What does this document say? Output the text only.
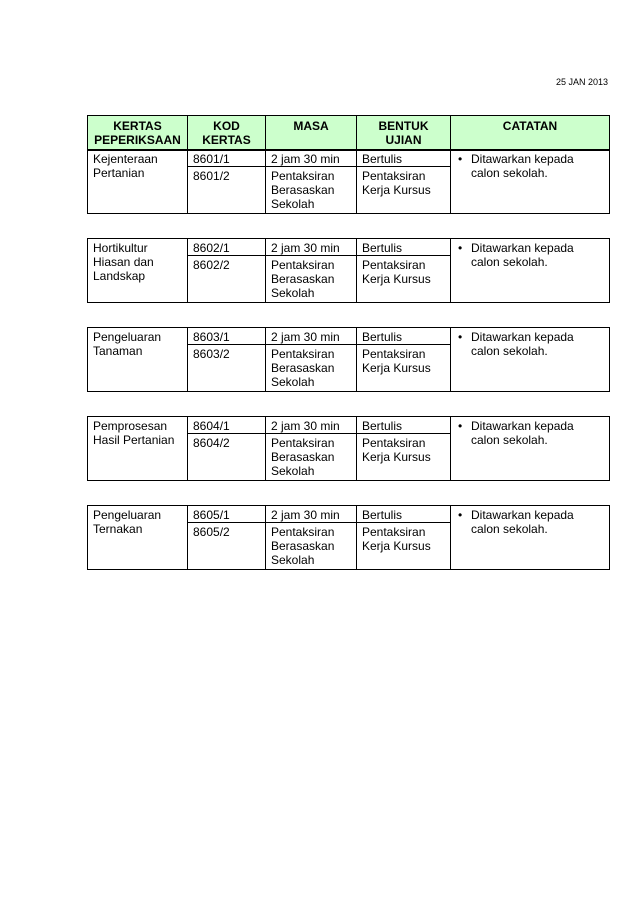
25 JAN 2013
KERTAS PEPERIKSAAN	KOD KERTAS	MASA	BENTUK UJIAN	CATATAN
Kejenteraan Pertanian	8601/1	2 jam 30 min	Bertulis	• Ditawarkan kepada calon sekolah.

	8601/2	Pentaksiran Berasaskan Sekolah	Pentaksiran Kerja Kursus	
Hortikultur Hiasan dan Landskap	8602/1	2 jam 30 min	Bertulis	• Ditawarkan kepada calon sekolah.

	8602/2	Pentaksiran Berasaskan Sekolah	Pentaksiran Kerja Kursus	
Pengeluaran Tanaman	8603/1	2 jam 30 min	Bertulis	• Ditawarkan kepada calon sekolah.

	8603/2	Pentaksiran Berasaskan Sekolah	Pentaksiran Kerja Kursus	
Pemprosesan Hasil Pertanian	8604/1	2 jam 30 min	Bertulis	• Ditawarkan kepada calon sekolah.

	8604/2	Pentaksiran Berasaskan Sekolah	Pentaksiran Kerja Kursus	
Pengeluaran Ternakan	8605/1	2 jam 30 min	Bertulis	• Ditawarkan kepada calon sekolah.

	8605/2	Pentaksiran Berasaskan Sekolah	Pentaksiran Kerja Kursus	
